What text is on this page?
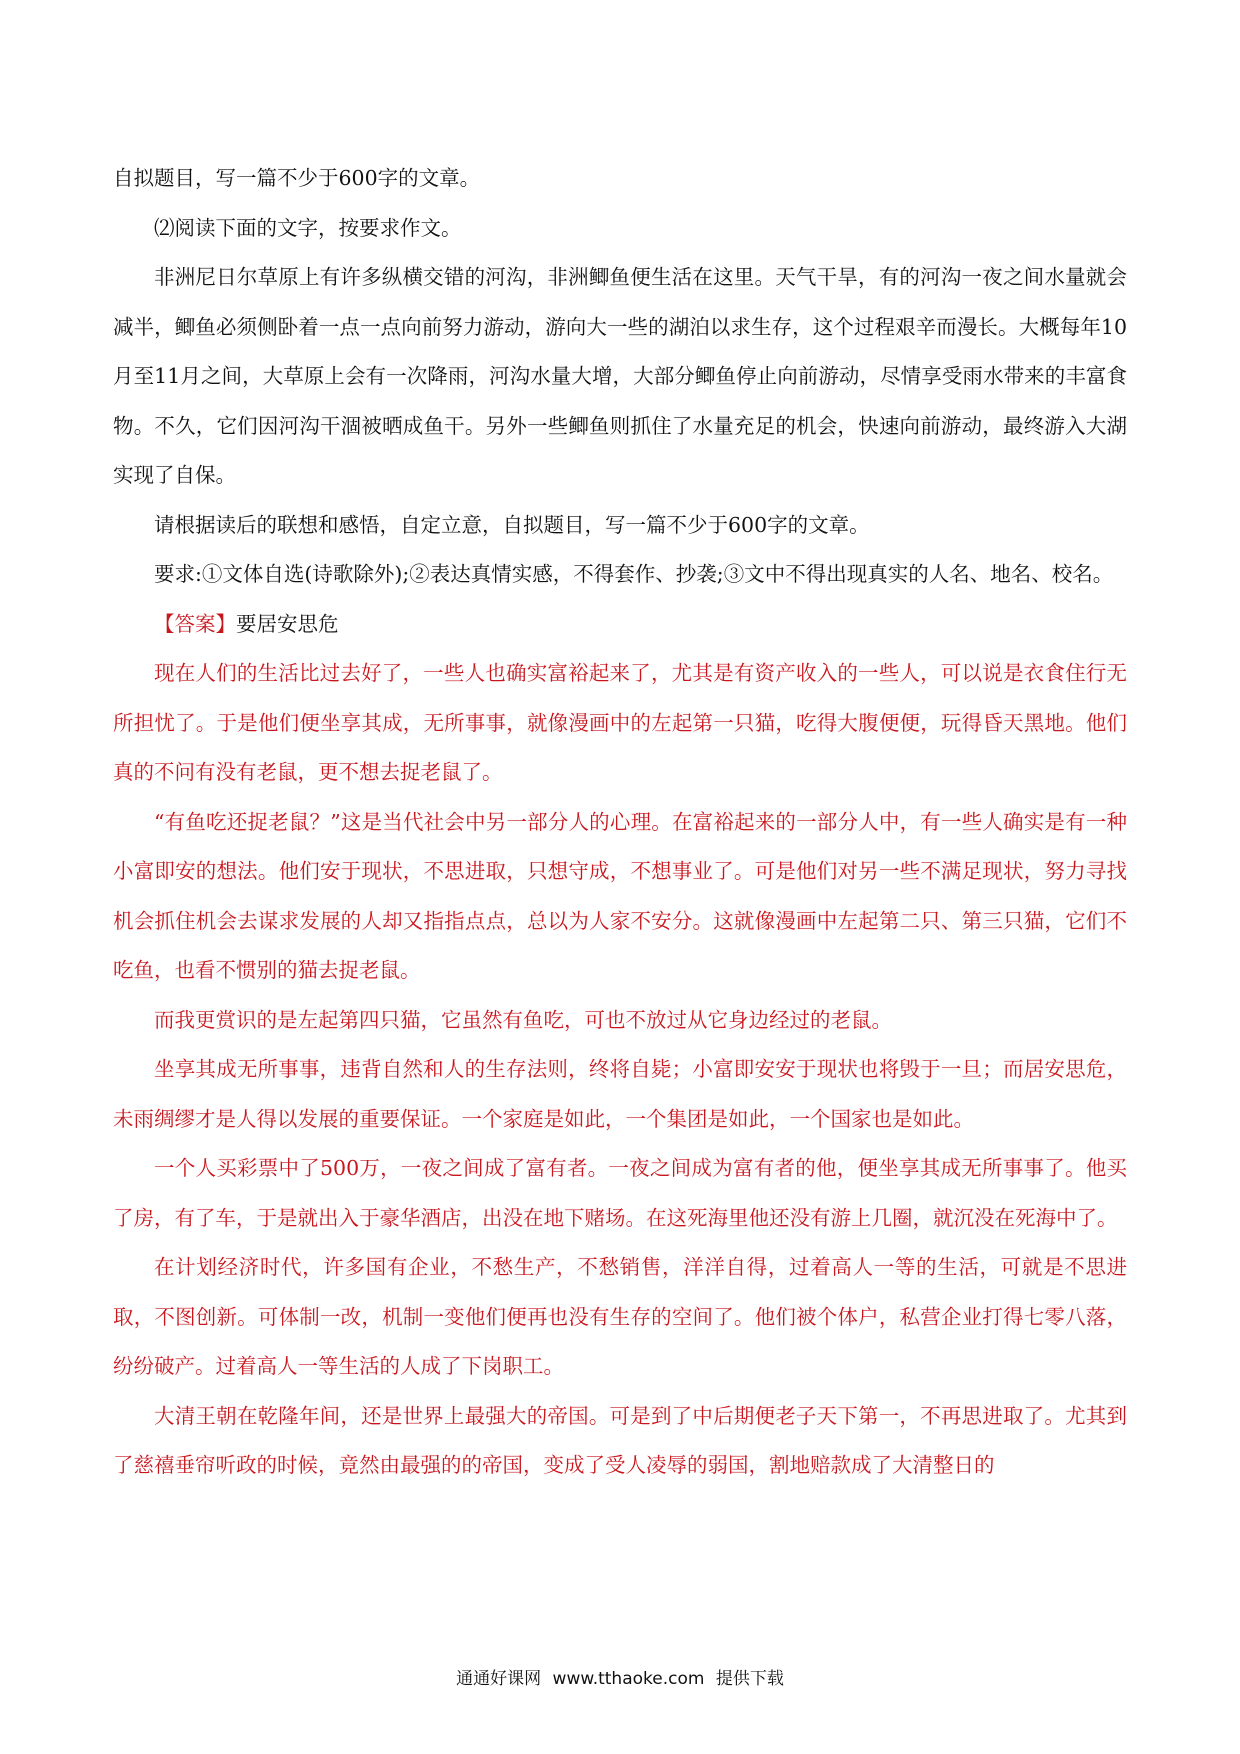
自拟题目，写一篇不少于600字的文章。

⑵阅读下面的文字，按要求作文。

非洲尼日尔草原上有许多纵横交错的河沟，非洲鲫鱼便生活在这里。天气干旱，有的河沟一夜之间水量就会减半，鲫鱼必须侧卧着一点一点向前努力游动，游向大一些的湖泊以求生存，这个过程艰辛而漫长。大概每年10月至11月之间，大草原上会有一次降雨，河沟水量大增，大部分鲫鱼停止向前游动，尽情享受雨水带来的丰富食物。不久，它们因河沟干涸被晒成鱼干。另外一些鲫鱼则抓住了水量充足的机会，快速向前游动，最终游入大湖实现了自保。

请根据读后的联想和感悟，自定立意，自拟题目，写一篇不少于600字的文章。

要求:①文体自选(诗歌除外);②表达真情实感，不得套作、抄袭;③文中不得出现真实的人名、地名、校名。

【答案】要居安思危

现在人们的生活比过去好了，一些人也确实富裕起来了，尤其是有资产收入的一些人，可以说是衣食住行无所担忧了。于是他们便坐享其成，无所事事，就像漫画中的左起第一只猫，吃得大腹便便，玩得昏天黑地。他们真的不问有没有老鼠，更不想去捉老鼠了。

“有鱼吃还捉老鼠？”这是当代社会中另一部分人的心理。在富裕起来的一部分人中，有一些人确实是有一种小富即安的想法。他们安于现状，不思进取，只想守成，不想事业了。可是他们对另一些不满足现状，努力寻找机会抓住机会去谋求发展的人却又指指点点，总以为人家不安分。这就像漫画中左起第二只、第三只猫，它们不吃鱼，也看不惯别的猫去捉老鼠。

而我更赏识的是左起第四只猫，它虽然有鱼吃，可也不放过从它身边经过的老鼠。

坐享其成无所事事，违背自然和人的生存法则，终将自毙；小富即安安于现状也将毁于一旦；而居安思危，未雨绸缪才是人得以发展的重要保证。一个家庭是如此，一个集团是如此，一个国家也是如此。

一个人买彩票中了500万，一夜之间成了富有者。一夜之间成为富有者的他，便坐享其成无所事事了。他买了房，有了车，于是就出入于豪华酒店，出没在地下赌场。在这死海里他还没有游上几圈，就沉没在死海中了。

在计划经济时代，许多国有企业，不愁生产，不愁销售，洋洋自得，过着高人一等的生活，可就是不思进取，不图创新。可体制一改，机制一变他们便再也没有生存的空间了。他们被个体户，私营企业打得七零八落，纷纷破产。过着高人一等生活的人成了下岗职工。

大清王朝在乾隆年间，还是世界上最强大的帝国。可是到了中后期便老子天下第一，不再思进取了。尤其到了慈禧垂帘听政的时候，竟然由最强的的帝国，变成了受人凌辱的弱国，割地赔款成了大清整日的

通通好课网 www.tthaoke.com 提供下载
